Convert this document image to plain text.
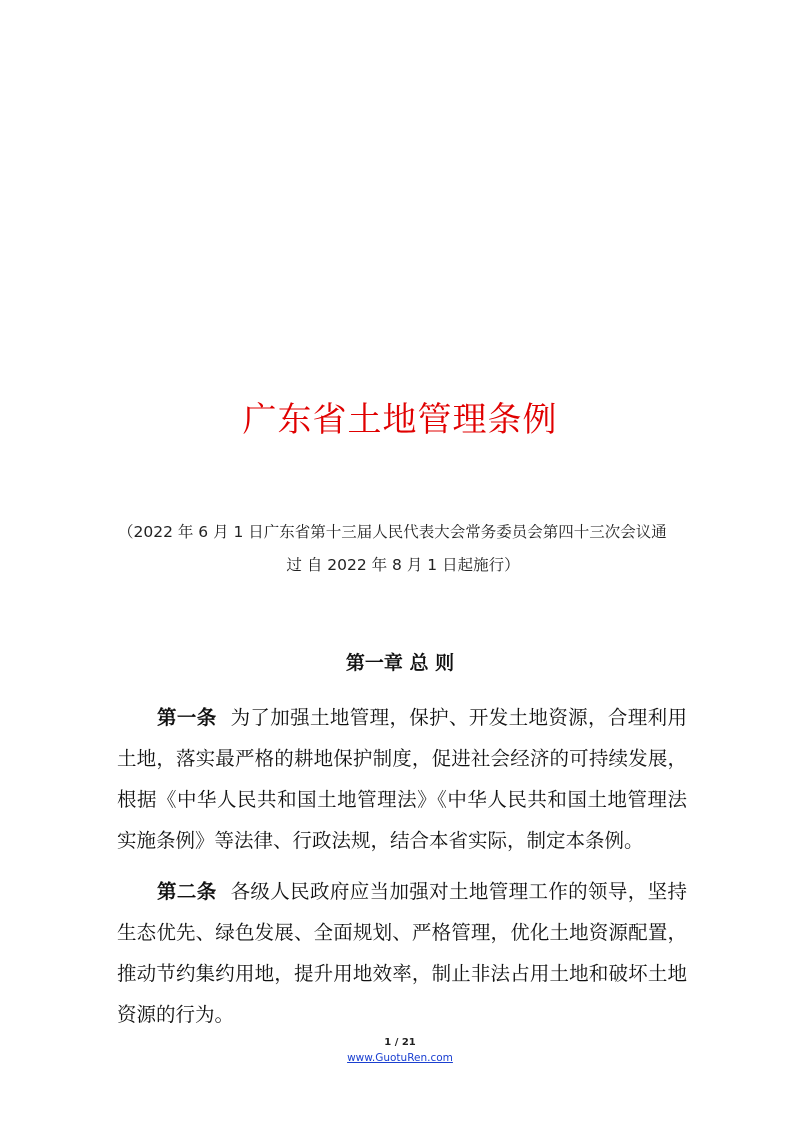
广东省土地管理条例
（2022 年 6 月 1 日广东省第十三届人民代表大会常务委员会第四十三次会议通
过 自 2022 年 8 月 1 日起施行）
第一章 总 则

第一条 为了加强土地管理，保护、开发土地资源，合理利用土地，落实最严格的耕地保护制度，促进社会经济的可持续发展，根据《中华人民共和国土地管理法》《中华人民共和国土地管理法实施条例》等法律、行政法规，结合本省实际，制定本条例。

第二条 各级人民政府应当加强对土地管理工作的领导，坚持生态优先、绿色发展、全面规划、严格管理，优化土地资源配置，推动节约集约用地，提升用地效率，制止非法占用土地和破坏土地资源的行为。

1 / 21
www.GuotuRen.com
